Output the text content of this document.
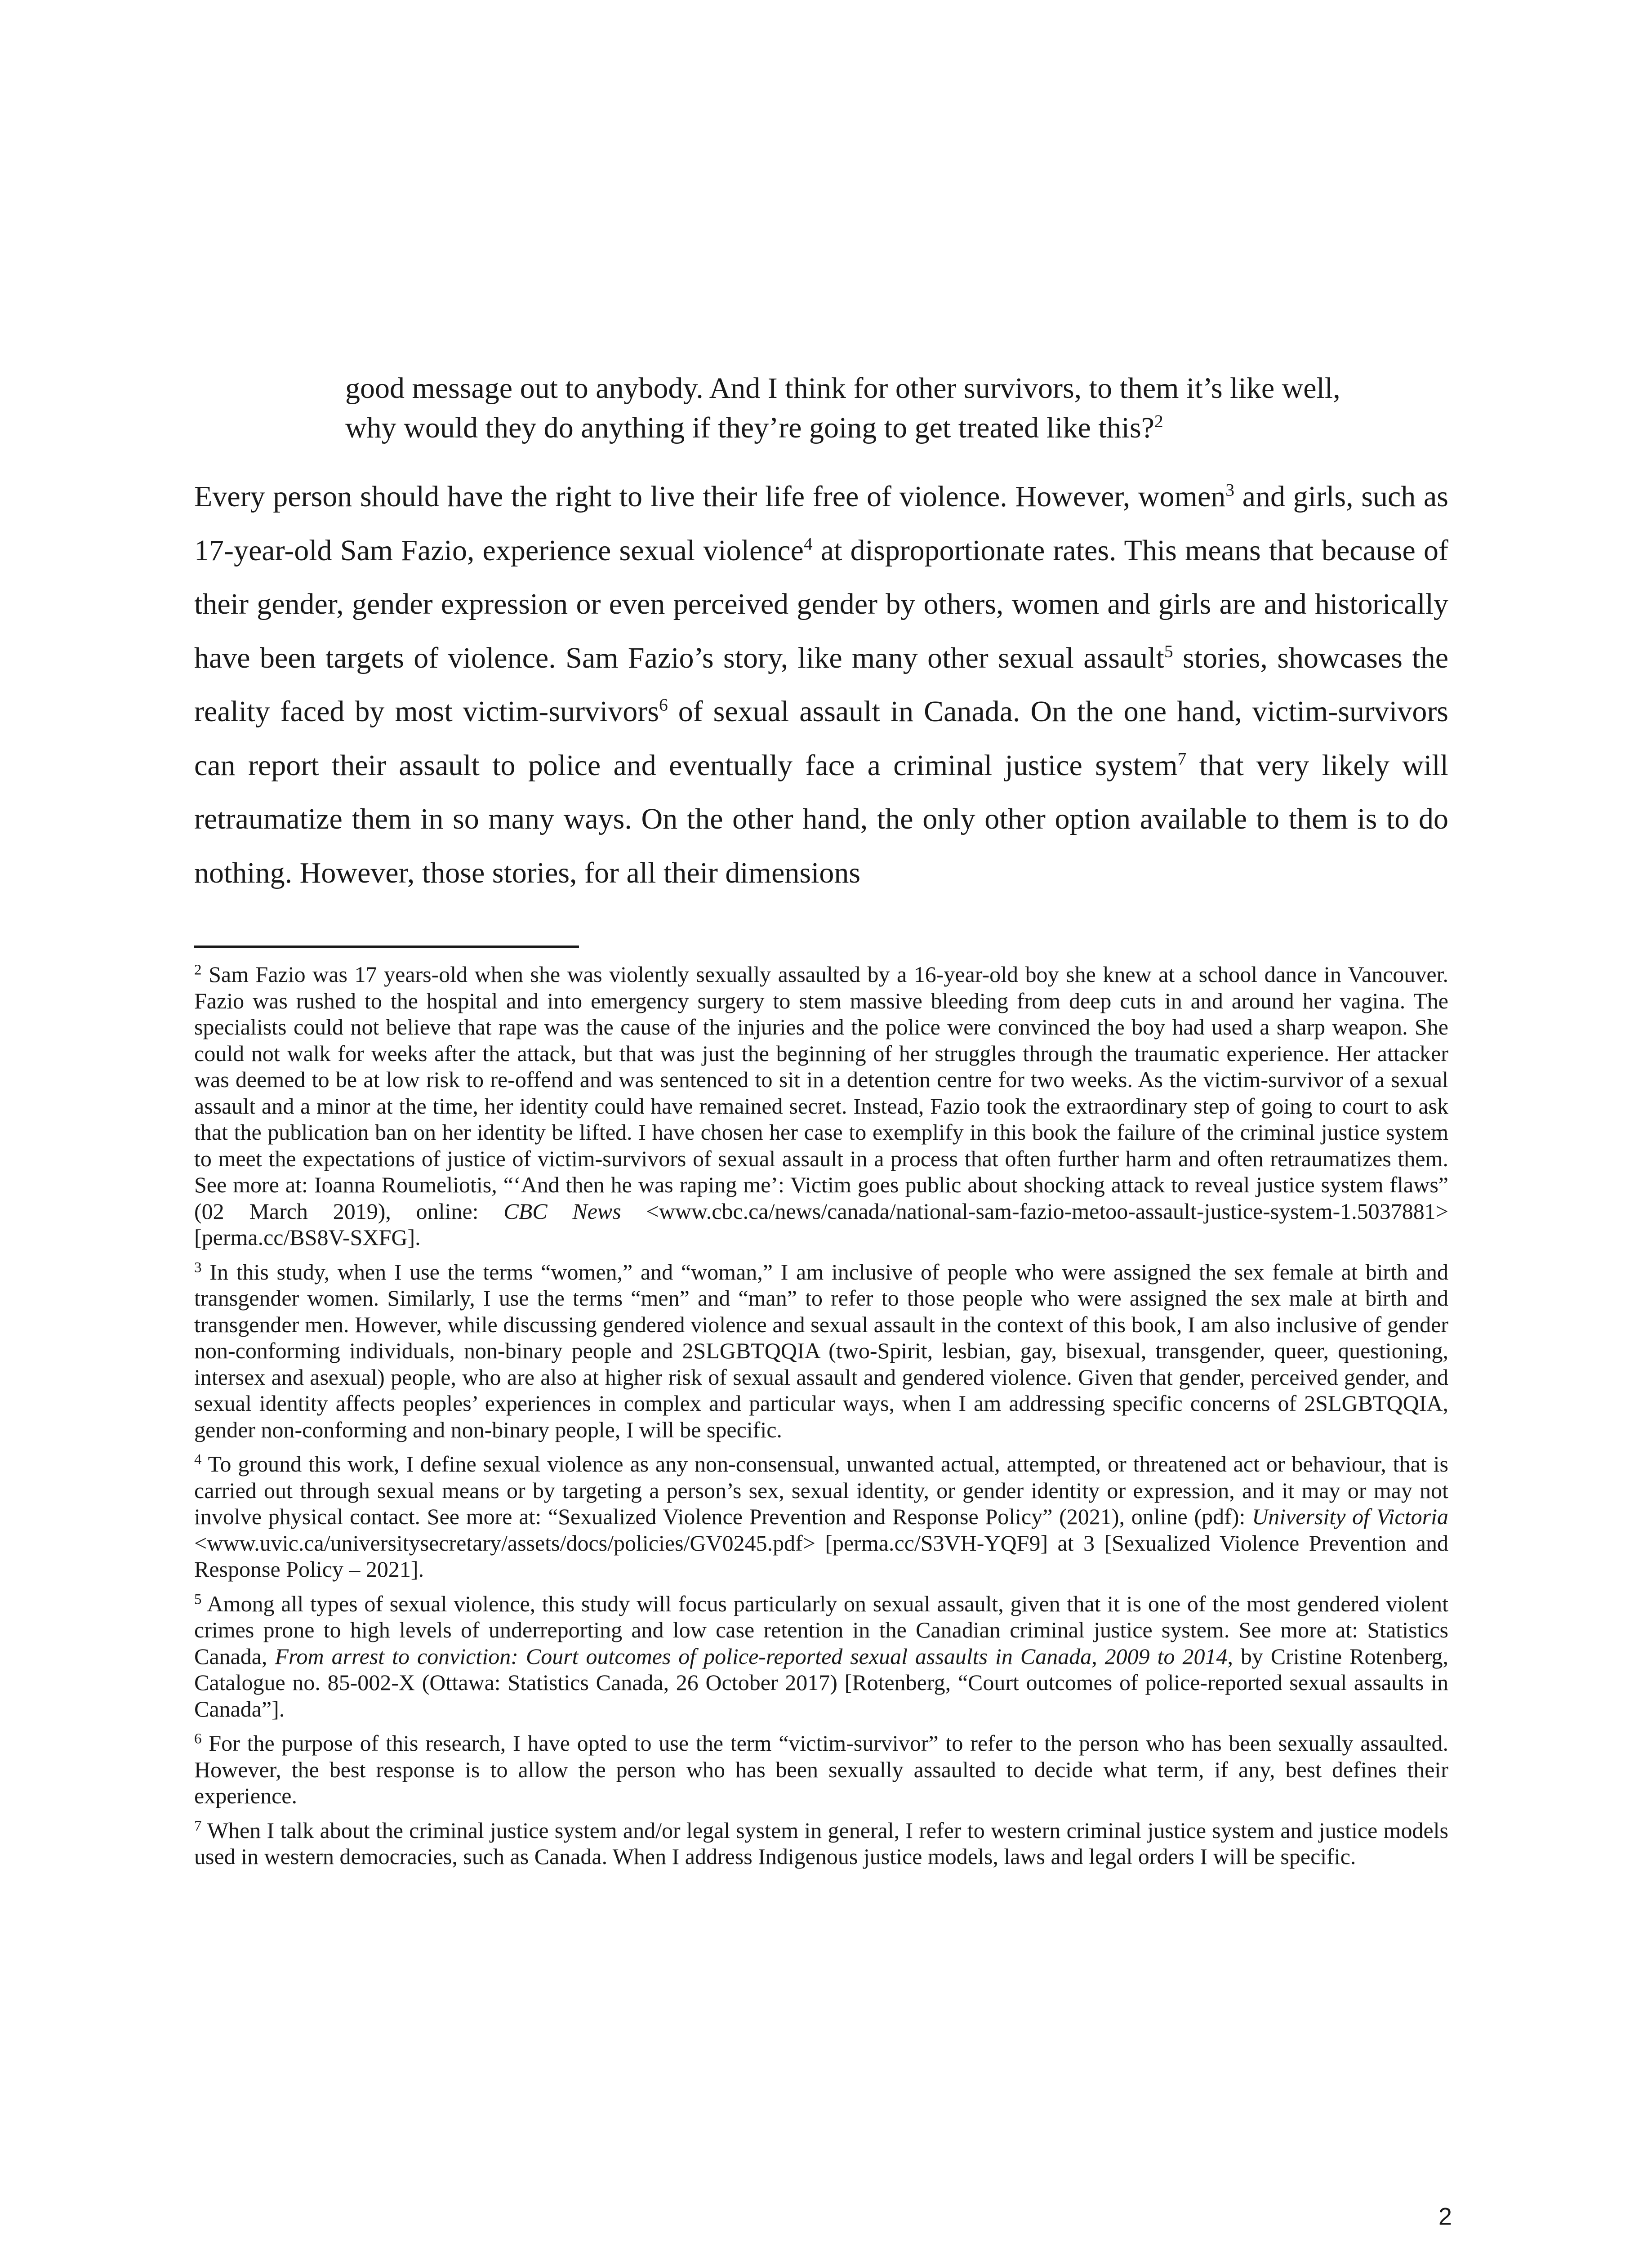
good message out to anybody. And I think for other survivors, to them it’s like well,
why would they do anything if they’re going to get treated like this?$^2$

Every person should have the right to live their life free of violence. However, women$^3$ and girls, such as 17-year-old Sam Fazio, experience sexual violence$^4$ at disproportionate rates. This means that because of their gender, gender expression or even perceived gender by others, women and girls are and historically have been targets of violence. Sam Fazio’s story, like many other sexual assault$^5$ stories, showcases the reality faced by most victim-survivors$^6$ of sexual assault in Canada. On the one hand, victim-survivors can report their assault to police and eventually face a criminal justice system$^7$ that very likely will retraumatize them in so many ways. On the other hand, the only other option available to them is to do nothing. However, those stories, for all their dimensions

$^2$ Sam Fazio was 17 years-old when she was violently sexually assaulted by a 16-year-old boy she knew at a school dance in Vancouver. Fazio was rushed to the hospital and into emergency surgery to stem massive bleeding from deep cuts in and around her vagina. The specialists could not believe that rape was the cause of the injuries and the police were convinced the boy had used a sharp weapon. She could not walk for weeks after the attack, but that was just the beginning of her struggles through the traumatic experience. Her attacker was deemed to be at low risk to re-offend and was sentenced to sit in a detention centre for two weeks. As the victim-survivor of a sexual assault and a minor at the time, her identity could have remained secret. Instead, Fazio took the extraordinary step of going to court to ask that the publication ban on her identity be lifted. I have chosen her case to exemplify in this book the failure of the criminal justice system to meet the expectations of justice of victim-survivors of sexual assault in a process that often further harm and often retraumatizes them. See more at: Ioanna Roumeliotis, “‘And then he was raping me’: Victim goes public about shocking attack to reveal justice system flaws” (02 March 2019), online: CBC News <www.cbc.ca/news/canada/national-sam-fazio-metoo-assault-justice-system-1.5037881> [perma.cc/BS8V-SXFG].

$^3$ In this study, when I use the terms “women,” and “woman,” I am inclusive of people who were assigned the sex female at birth and transgender women. Similarly, I use the terms “men” and “man” to refer to those people who were assigned the sex male at birth and transgender men. However, while discussing gendered violence and sexual assault in the context of this book, I am also inclusive of gender non-conforming individuals, non-binary people and 2SLGBTQQIA (two-Spirit, lesbian, gay, bisexual, transgender, queer, questioning, intersex and asexual) people, who are also at higher risk of sexual assault and gendered violence. Given that gender, perceived gender, and sexual identity affects peoples’ experiences in complex and particular ways, when I am addressing specific concerns of 2SLGBTQQIA, gender non-conforming and non-binary people, I will be specific.

$^4$ To ground this work, I define sexual violence as any non-consensual, unwanted actual, attempted, or threatened act or behaviour, that is carried out through sexual means or by targeting a person’s sex, sexual identity, or gender identity or expression, and it may or may not involve physical contact. See more at: “Sexualized Violence Prevention and Response Policy” (2021), online (pdf): University of Victoria <www.uvic.ca/universitysecretary/assets/docs/policies/GV0245.pdf> [perma.cc/S3VH-YQF9] at 3 [Sexualized Violence Prevention and Response Policy – 2021].

$^5$ Among all types of sexual violence, this study will focus particularly on sexual assault, given that it is one of the most gendered violent crimes prone to high levels of underreporting and low case retention in the Canadian criminal justice system. See more at: Statistics Canada, From arrest to conviction: Court outcomes of police-reported sexual assaults in Canada, 2009 to 2014, by Cristine Rotenberg, Catalogue no. 85-002-X (Ottawa: Statistics Canada, 26 October 2017) [Rotenberg, “Court outcomes of police-reported sexual assaults in Canada”].

$^6$ For the purpose of this research, I have opted to use the term “victim-survivor” to refer to the person who has been sexually assaulted. However, the best response is to allow the person who has been sexually assaulted to decide what term, if any, best defines their experience.

$^7$ When I talk about the criminal justice system and/or legal system in general, I refer to western criminal justice system and justice models used in western democracies, such as Canada. When I address Indigenous justice models, laws and legal orders I will be specific.

2
